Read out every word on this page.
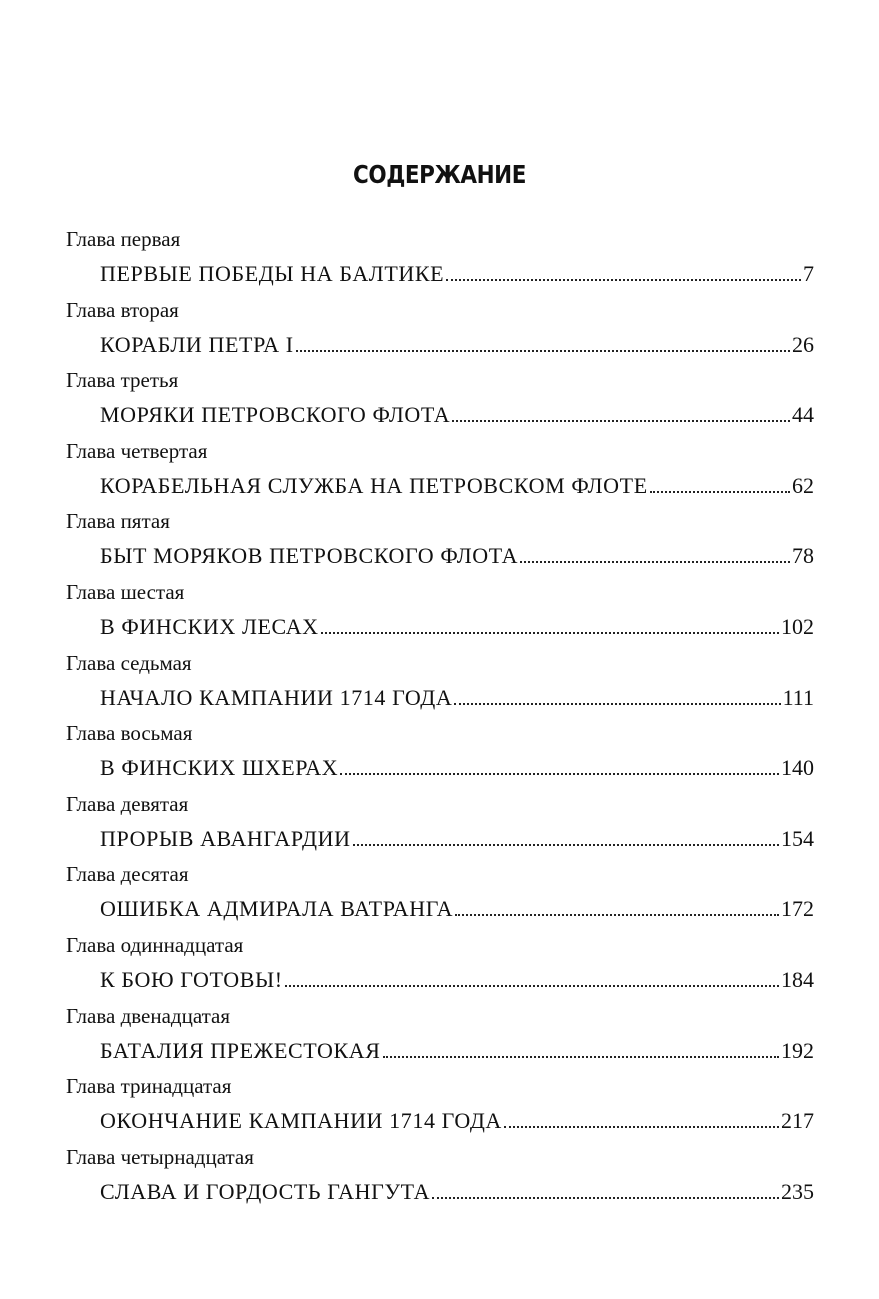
СОДЕРЖАНИЕ
Глава первая
ПЕРВЫЕ ПОБЕДЫ НА БАЛТИКЕ	7
Глава вторая
КОРАБЛИ ПЕТРА I	26
Глава третья
МОРЯКИ ПЕТРОВСКОГО ФЛОТА	44
Глава четвертая
КОРАБЕЛЬНАЯ СЛУЖБА НА ПЕТРОВСКОМ ФЛОТЕ	62
Глава пятая
БЫТ МОРЯКОВ ПЕТРОВСКОГО ФЛОТА	78
Глава шестая
В ФИНСКИХ ЛЕСАХ	102
Глава седьмая
НАЧАЛО КАМПАНИИ 1714 ГОДА	111
Глава восьмая
В ФИНСКИХ ШХЕРАХ	140
Глава девятая
ПРОРЫВ АВАНГАРДИИ	154
Глава десятая
ОШИБКА АДМИРАЛА ВАТРАНГА	172
Глава одиннадцатая
К БОЮ ГОТОВЫ!	184
Глава двенадцатая
БАТАЛИЯ ПРЕЖЕСТОКАЯ	192
Глава тринадцатая
ОКОНЧАНИЕ КАМПАНИИ 1714 ГОДА	217
Глава четырнадцатая
СЛАВА И ГОРДОСТЬ ГАНГУТА	235
